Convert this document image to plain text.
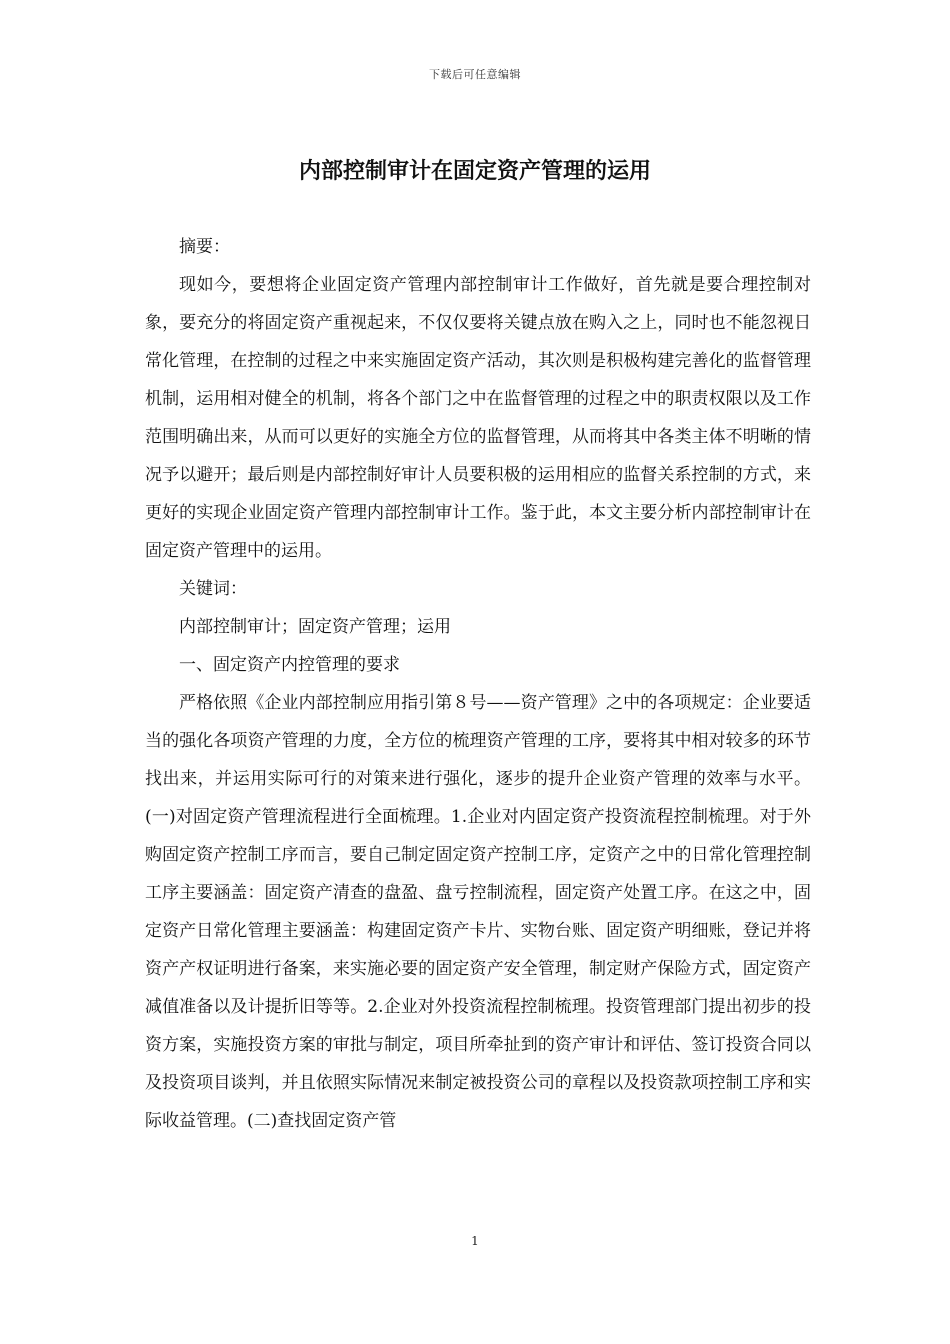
下载后可任意编辑
内部控制审计在固定资产管理的运用

摘要：

现如今，要想将企业固定资产管理内部控制审计工作做好，首先就是要合理控制对象，要充分的将固定资产重视起来，不仅仅要将关键点放在购入之上，同时也不能忽视日常化管理，在控制的过程之中来实施固定资产活动，其次则是积极构建完善化的监督管理机制，运用相对健全的机制，将各个部门之中在监督管理的过程之中的职责权限以及工作范围明确出来，从而可以更好的实施全方位的监督管理，从而将其中各类主体不明晰的情况予以避开；最后则是内部控制好审计人员要积极的运用相应的监督关系控制的方式，来更好的实现企业固定资产管理内部控制审计工作。鉴于此，本文主要分析内部控制审计在固定资产管理中的运用。

关键词：

内部控制审计；固定资产管理；运用

一、固定资产内控管理的要求

严格依照《企业内部控制应用指引第８号——资产管理》之中的各项规定：企业要适当的强化各项资产管理的力度，全方位的梳理资产管理的工序，要将其中相对较多的环节找出来，并运用实际可行的对策来进行强化，逐步的提升企业资产管理的效率与水平。(一)对固定资产管理流程进行全面梳理。1.企业对内固定资产投资流程控制梳理。对于外购固定资产控制工序而言，要自己制定固定资产控制工序，定资产之中的日常化管理控制工序主要涵盖：固定资产清查的盘盈、盘亏控制流程，固定资产处置工序。在这之中，固定资产日常化管理主要涵盖：构建固定资产卡片、实物台账、固定资产明细账，登记并将资产产权证明进行备案，来实施必要的固定资产安全管理，制定财产保险方式，固定资产减值准备以及计提折旧等等。2.企业对外投资流程控制梳理。投资管理部门提出初步的投资方案，实施投资方案的审批与制定，项目所牵扯到的资产审计和评估、签订投资合同以及投资项目谈判，并且依照实际情况来制定被投资公司的章程以及投资款项控制工序和实际收益管理。(二)查找固定资产管

1
